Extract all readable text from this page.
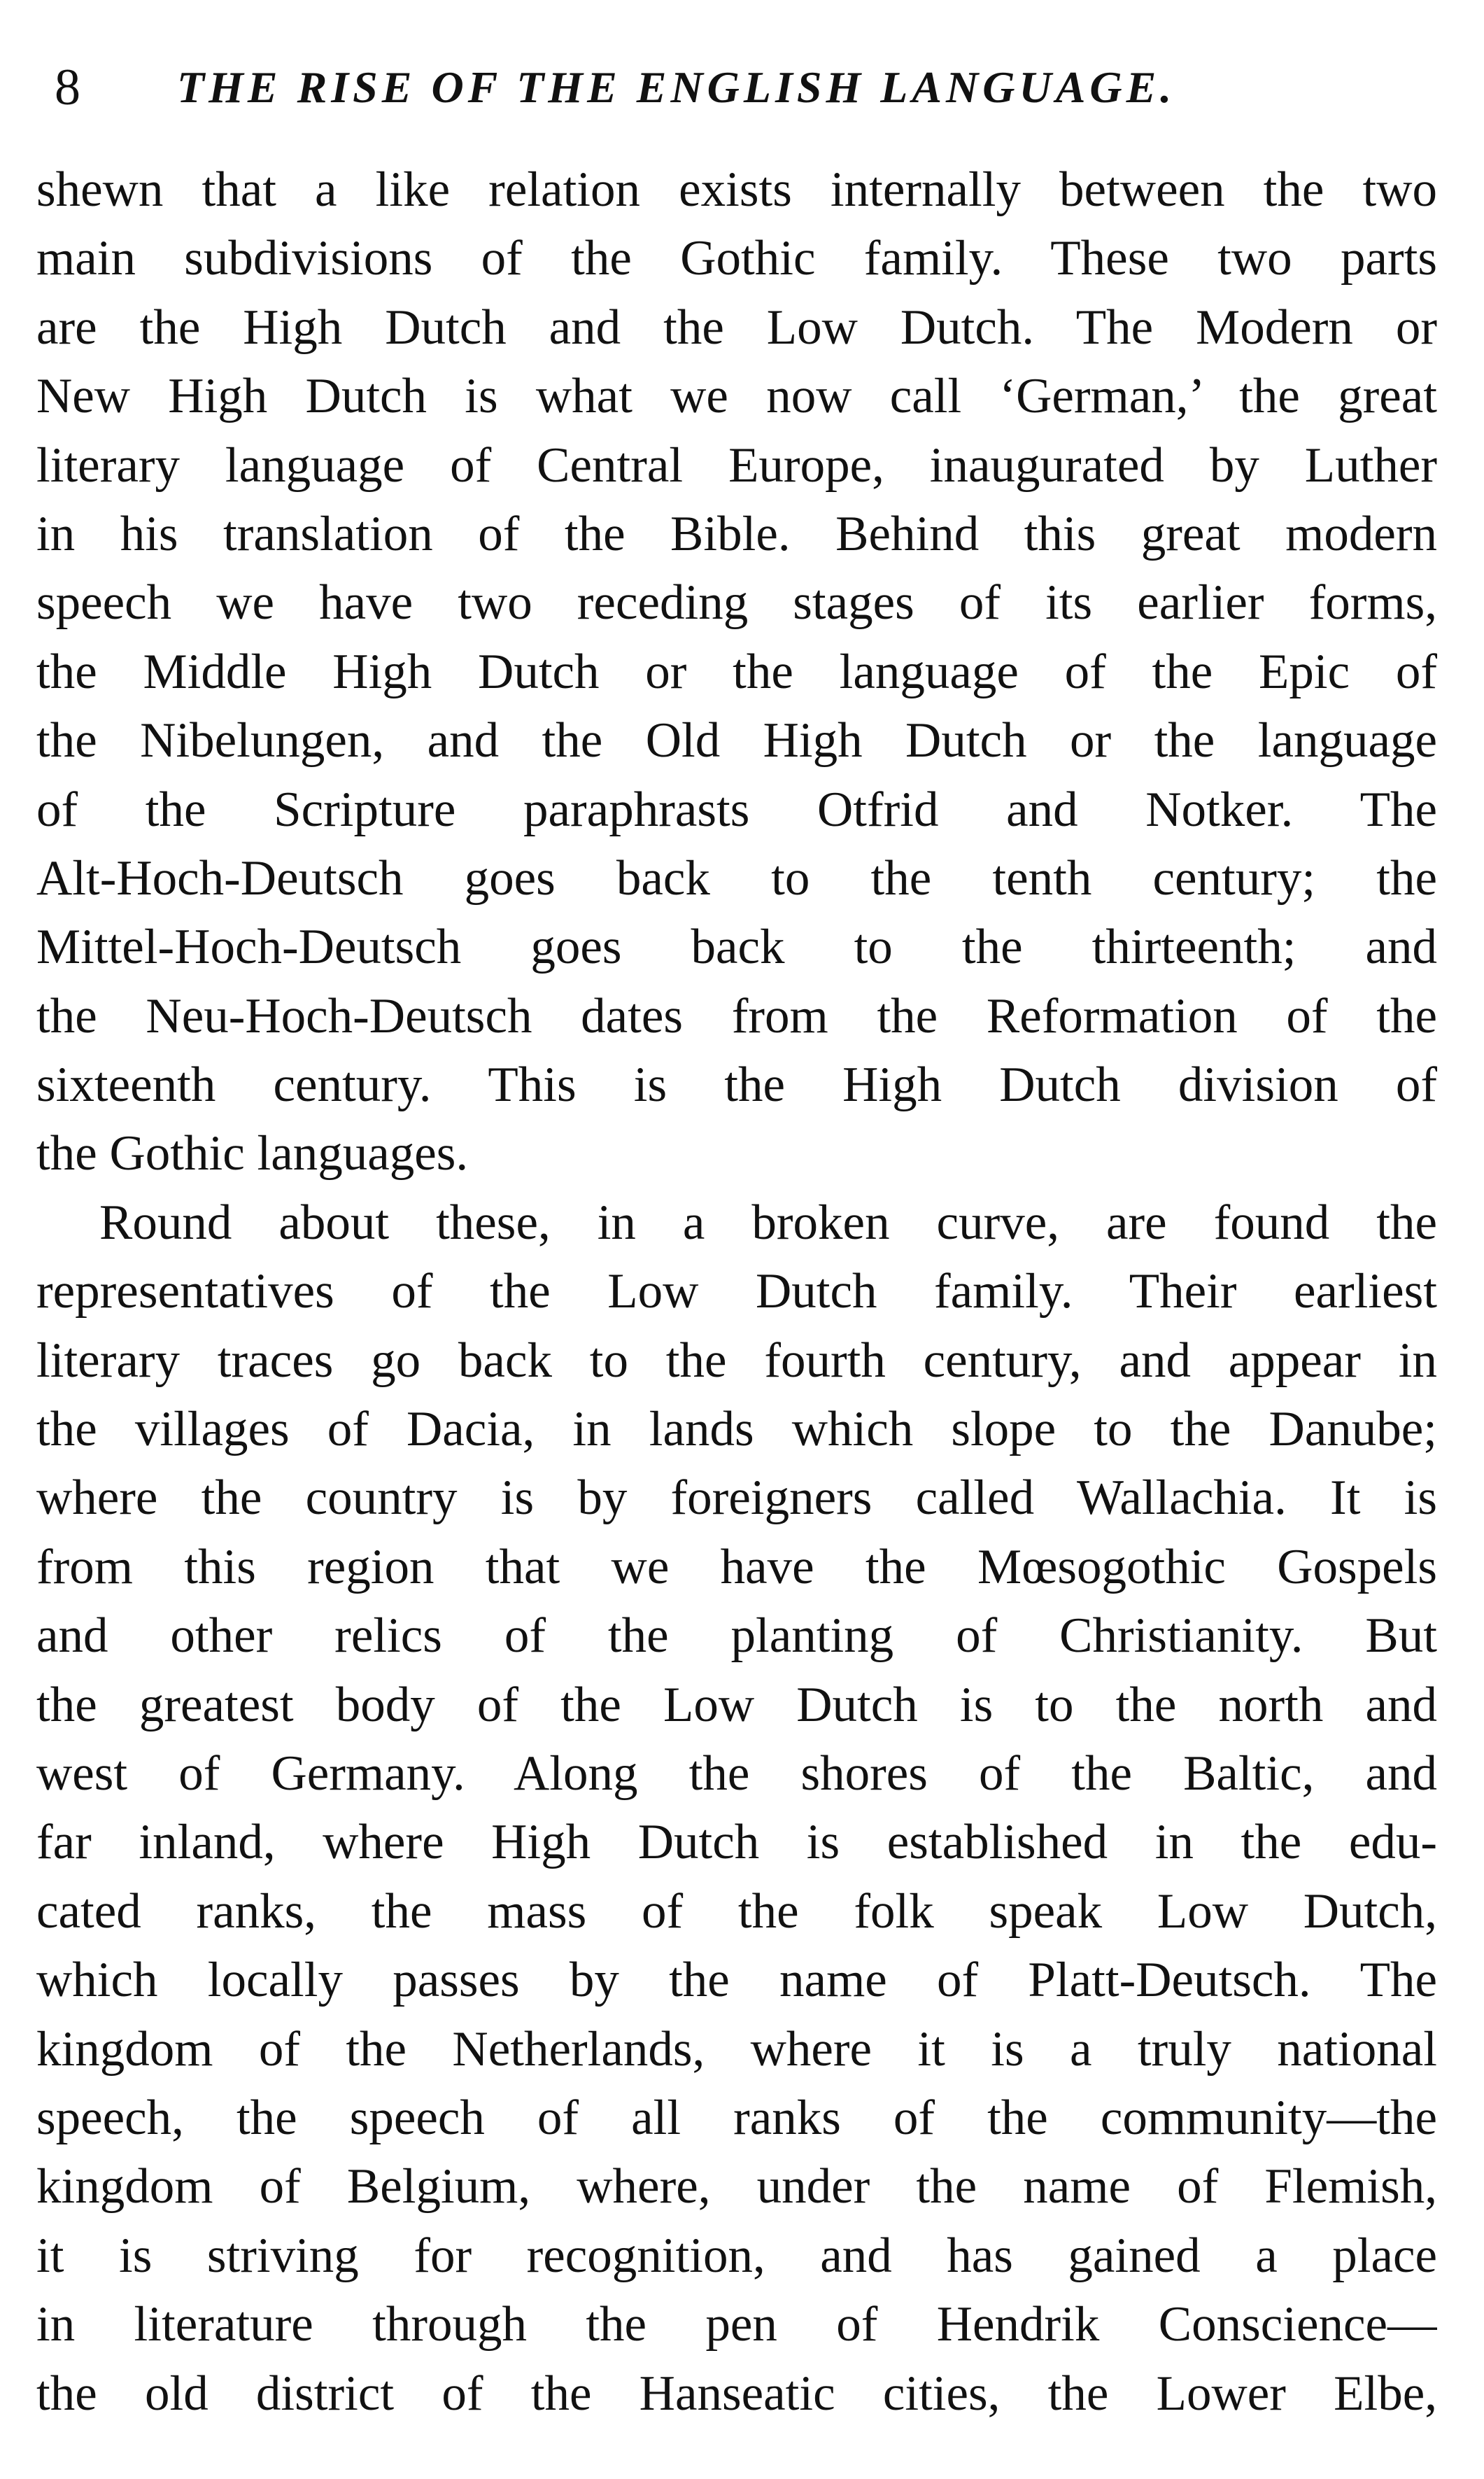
8	THE RISE OF THE ENGLISH LANGUAGE.
shewn that a like relation exists internally between the two
main subdivisions of the Gothic family. These two parts
are the High Dutch and the Low Dutch. The Modern or
New High Dutch is what we now call ‘German,’ the great
literary language of Central Europe, inaugurated by Luther
in his translation of the Bible. Behind this great modern
speech we have two receding stages of its earlier forms,
the Middle High Dutch or the language of the Epic of
the Nibelungen, and the Old High Dutch or the language
of the Scripture paraphrasts Otfrid and Notker. The
Alt-Hoch-Deutsch goes back to the tenth century; the
Mittel-Hoch-Deutsch goes back to the thirteenth; and
the Neu-Hoch-Deutsch dates from the Reformation of the
sixteenth century. This is the High Dutch division of
the Gothic languages.
Round about these, in a broken curve, are found the
representatives of the Low Dutch family. Their earliest
literary traces go back to the fourth century, and appear in
the villages of Dacia, in lands which slope to the Danube;
where the country is by foreigners called Wallachia. It is
from this region that we have the Mœsogothic Gospels
and other relics of the planting of Christianity. But
the greatest body of the Low Dutch is to the north and
west of Germany. Along the shores of the Baltic, and
far inland, where High Dutch is established in the edu-
cated ranks, the mass of the folk speak Low Dutch,
which locally passes by the name of Platt-Deutsch. The
kingdom of the Netherlands, where it is a truly national
speech, the speech of all ranks of the community—the
kingdom of Belgium, where, under the name of Flemish,
it is striving for recognition, and has gained a place
in literature through the pen of Hendrik Conscience—
the old district of the Hanseatic cities, the Lower Elbe,
